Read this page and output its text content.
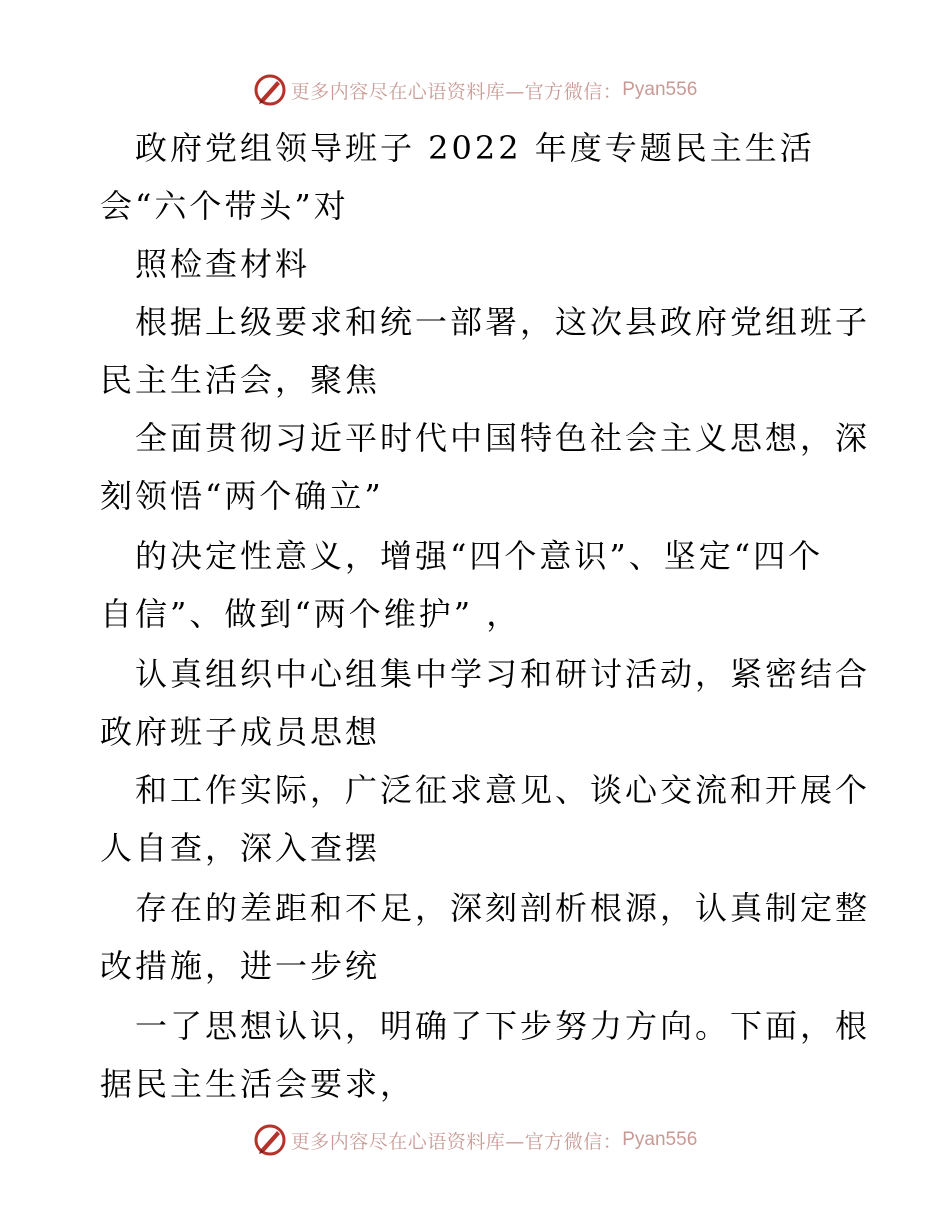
更多内容尽在心语资料库—官方微信： Pyan556
政府党组领导班子 2022 年度专题民主生活
会“六个带头”对
照检查材料
根据上级要求和统一部署，这次县政府党组班子
民主生活会，聚焦
全面贯彻习近平时代中国特色社会主义思想，深
刻领悟“两个确立”
的决定性意义，增强“四个意识”、坚定“四个
自信”、做到“两个维护” ，
认真组织中心组集中学习和研讨活动，紧密结合
政府班子成员思想
和工作实际，广泛征求意见、谈心交流和开展个
人自查，深入查摆
存在的差距和不足，深刻剖析根源，认真制定整
改措施，进一步统
一了思想认识，明确了下步努力方向。下面，根
据民主生活会要求，
更多内容尽在心语资料库—官方微信： Pyan556
